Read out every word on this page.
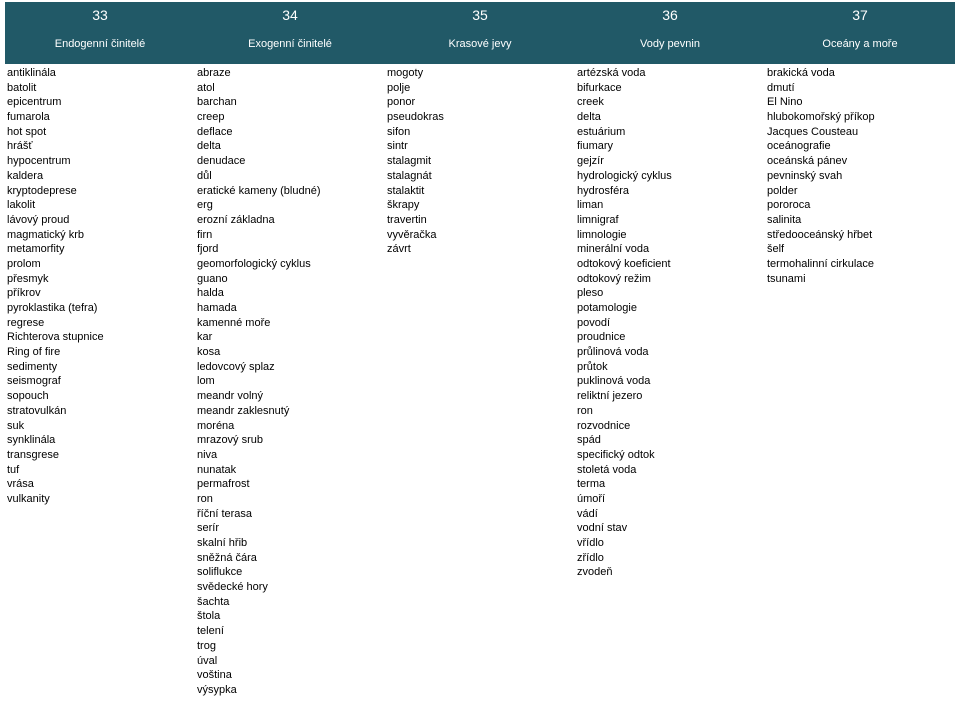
33
Endogenní činitelé
34
Exogenní činitelé
35
Krasové jevy
36
Vody pevnin
37
Oceány a moře
antiklinála
batolit
epicentrum
fumarola
hot spot
hrášť
hypocentrum
kaldera
kryptodeprese
lakolit
lávový proud
magmatický krb
metamorfity
prolom
přesmyk
příkrov
pyroklastika (tefra)
regrese
Richterova stupnice
Ring of fire
sedimenty
seismograf
sopouch
stratovulkán
suk
synklinála
transgrese
tuf
vrása
vulkanity
abraze
atol
barchan
creep
deflace
delta
denudace
důl
eratické kameny (bludné)
erg
erozní základna
firn
fjord
geomorfologický cyklus
guano
halda
hamada
kamenné moře
kar
kosa
ledovcový splaz
lom
meandr volný
meandr zaklesnutý
moréna
mrazový srub
niva
nunatak
permafrost
ron
říční terasa
serír
skalní hřib
sněžná čára
soliflukce
svědecké hory
šachta
štola
telení
trog
úval
voština
výsypka
mogoty
polje
ponor
pseudokras
sifon
sintr
stalagmit
stalagnát
stalaktit
škrapy
travertin
vyvěračka
závrt
artézská voda
bifurkace
creek
delta
estuárium
fiumary
gejzír
hydrologický cyklus
hydrosféra
liman
limnigraf
limnologie
minerální voda
odtokový koeficient
odtokový režim
pleso
potamologie
povodí
proudnice
průlinová voda
průtok
puklinová voda
reliktní jezero
ron
rozvodnice
spád
specifický odtok
stoletá voda
terma
úmoří
vádí
vodní stav
vřídlo
zřídlo
zvodeň
brakická voda
dmutí
El Nino
hlubokomořský příkop
Jacques Cousteau
oceánografie
oceánská pánev
pevninský svah
polder
pororoca
salinita
středooceánský hřbet
šelf
termohalinní cirkulace
tsunami
